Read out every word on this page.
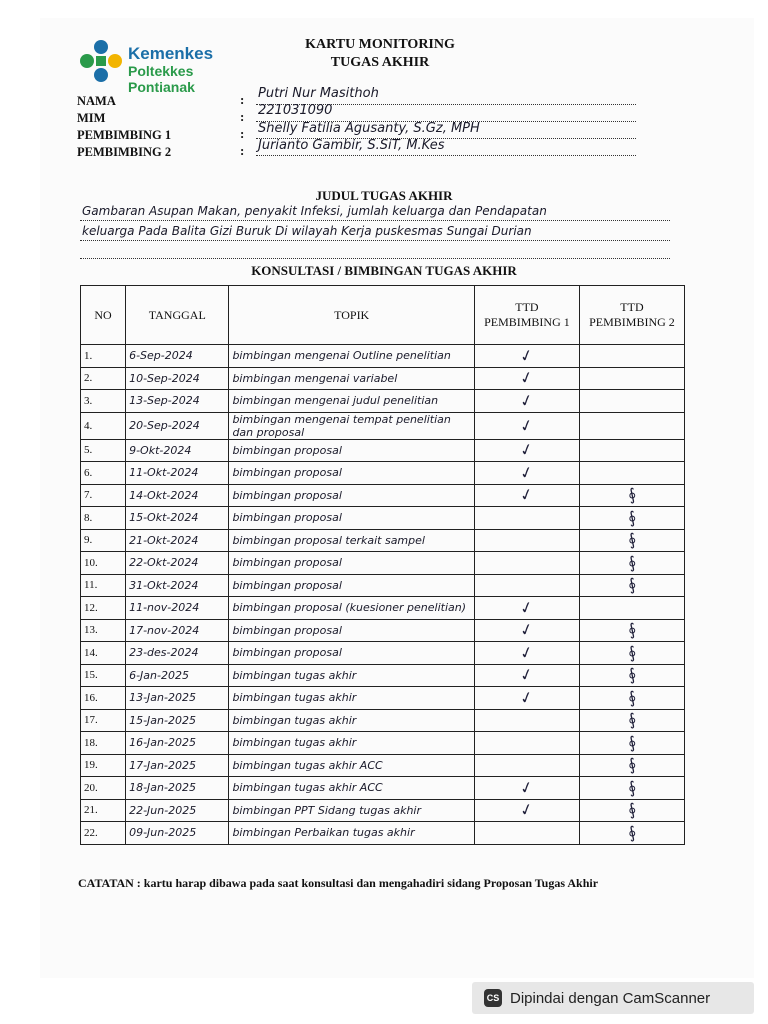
Kemenkes
Poltekkes Pontianak
KARTU MONITORING
TUGAS AKHIR
NAMA	: Putri Nur Masithoh
MIM	: 221031090
PEMBIMBING 1	: Shelly Fatilia Agusanty, S.Gz, MPH
PEMBIMBING 2	: Jurianto Gambir, S.SiT, M.Kes
JUDUL TUGAS AKHIR
Gambaran Asupan Makan, penyakit Infeksi, jumlah keluarga dan Pendapatan
keluarga Pada Balita Gizi Buruk Di wilayah Kerja puskesmas Sungai Durian
KONSULTASI / BIMBINGAN TUGAS AKHIR
NO	TANGGAL	TOPIK	TTD PEMBIMBING 1	TTD PEMBIMBING 2
1.	6-Sep-2024	bimbingan mengenai Outline penelitian	✓	
2.	10-Sep-2024	bimbingan mengenai variabel	✓	
3.	13-Sep-2024	bimbingan mengenai judul penelitian	✓	
4.	20-Sep-2024	bimbingan mengenai tempat penelitian dan proposal	✓	
5.	9-Okt-2024	bimbingan proposal	✓	
6.	11-Okt-2024	bimbingan proposal	✓	
7.	14-Okt-2024	bimbingan proposal	✓	∮
8.	15-Okt-2024	bimbingan proposal		∮
9.	21-Okt-2024	bimbingan proposal terkait sampel		∮
10.	22-Okt-2024	bimbingan proposal		∮
11.	31-Okt-2024	bimbingan proposal		∮
12.	11-nov-2024	bimbingan proposal (kuesioner penelitian)	✓	
13.	17-nov-2024	bimbingan proposal	✓	∮
14.	23-des-2024	bimbingan proposal	✓	∮
15.	6-Jan-2025	bimbingan tugas akhir	✓	∮
16.	13-Jan-2025	bimbingan tugas akhir	✓	∮
17.	15-Jan-2025	bimbingan tugas akhir		∮
18.	16-Jan-2025	bimbingan tugas akhir		∮
19.	17-Jan-2025	bimbingan tugas akhir ACC		∮
20.	18-Jan-2025	bimbingan tugas akhir ACC	✓	∮
21.	22-Jun-2025	bimbingan PPT Sidang tugas akhir	✓	∮
22.	09-Jun-2025	bimbingan Perbaikan tugas akhir		∮
CATATAN : kartu harap dibawa pada saat konsultasi dan mengahadiri sidang Proposan Tugas Akhir
CS Dipindai dengan CamScanner
